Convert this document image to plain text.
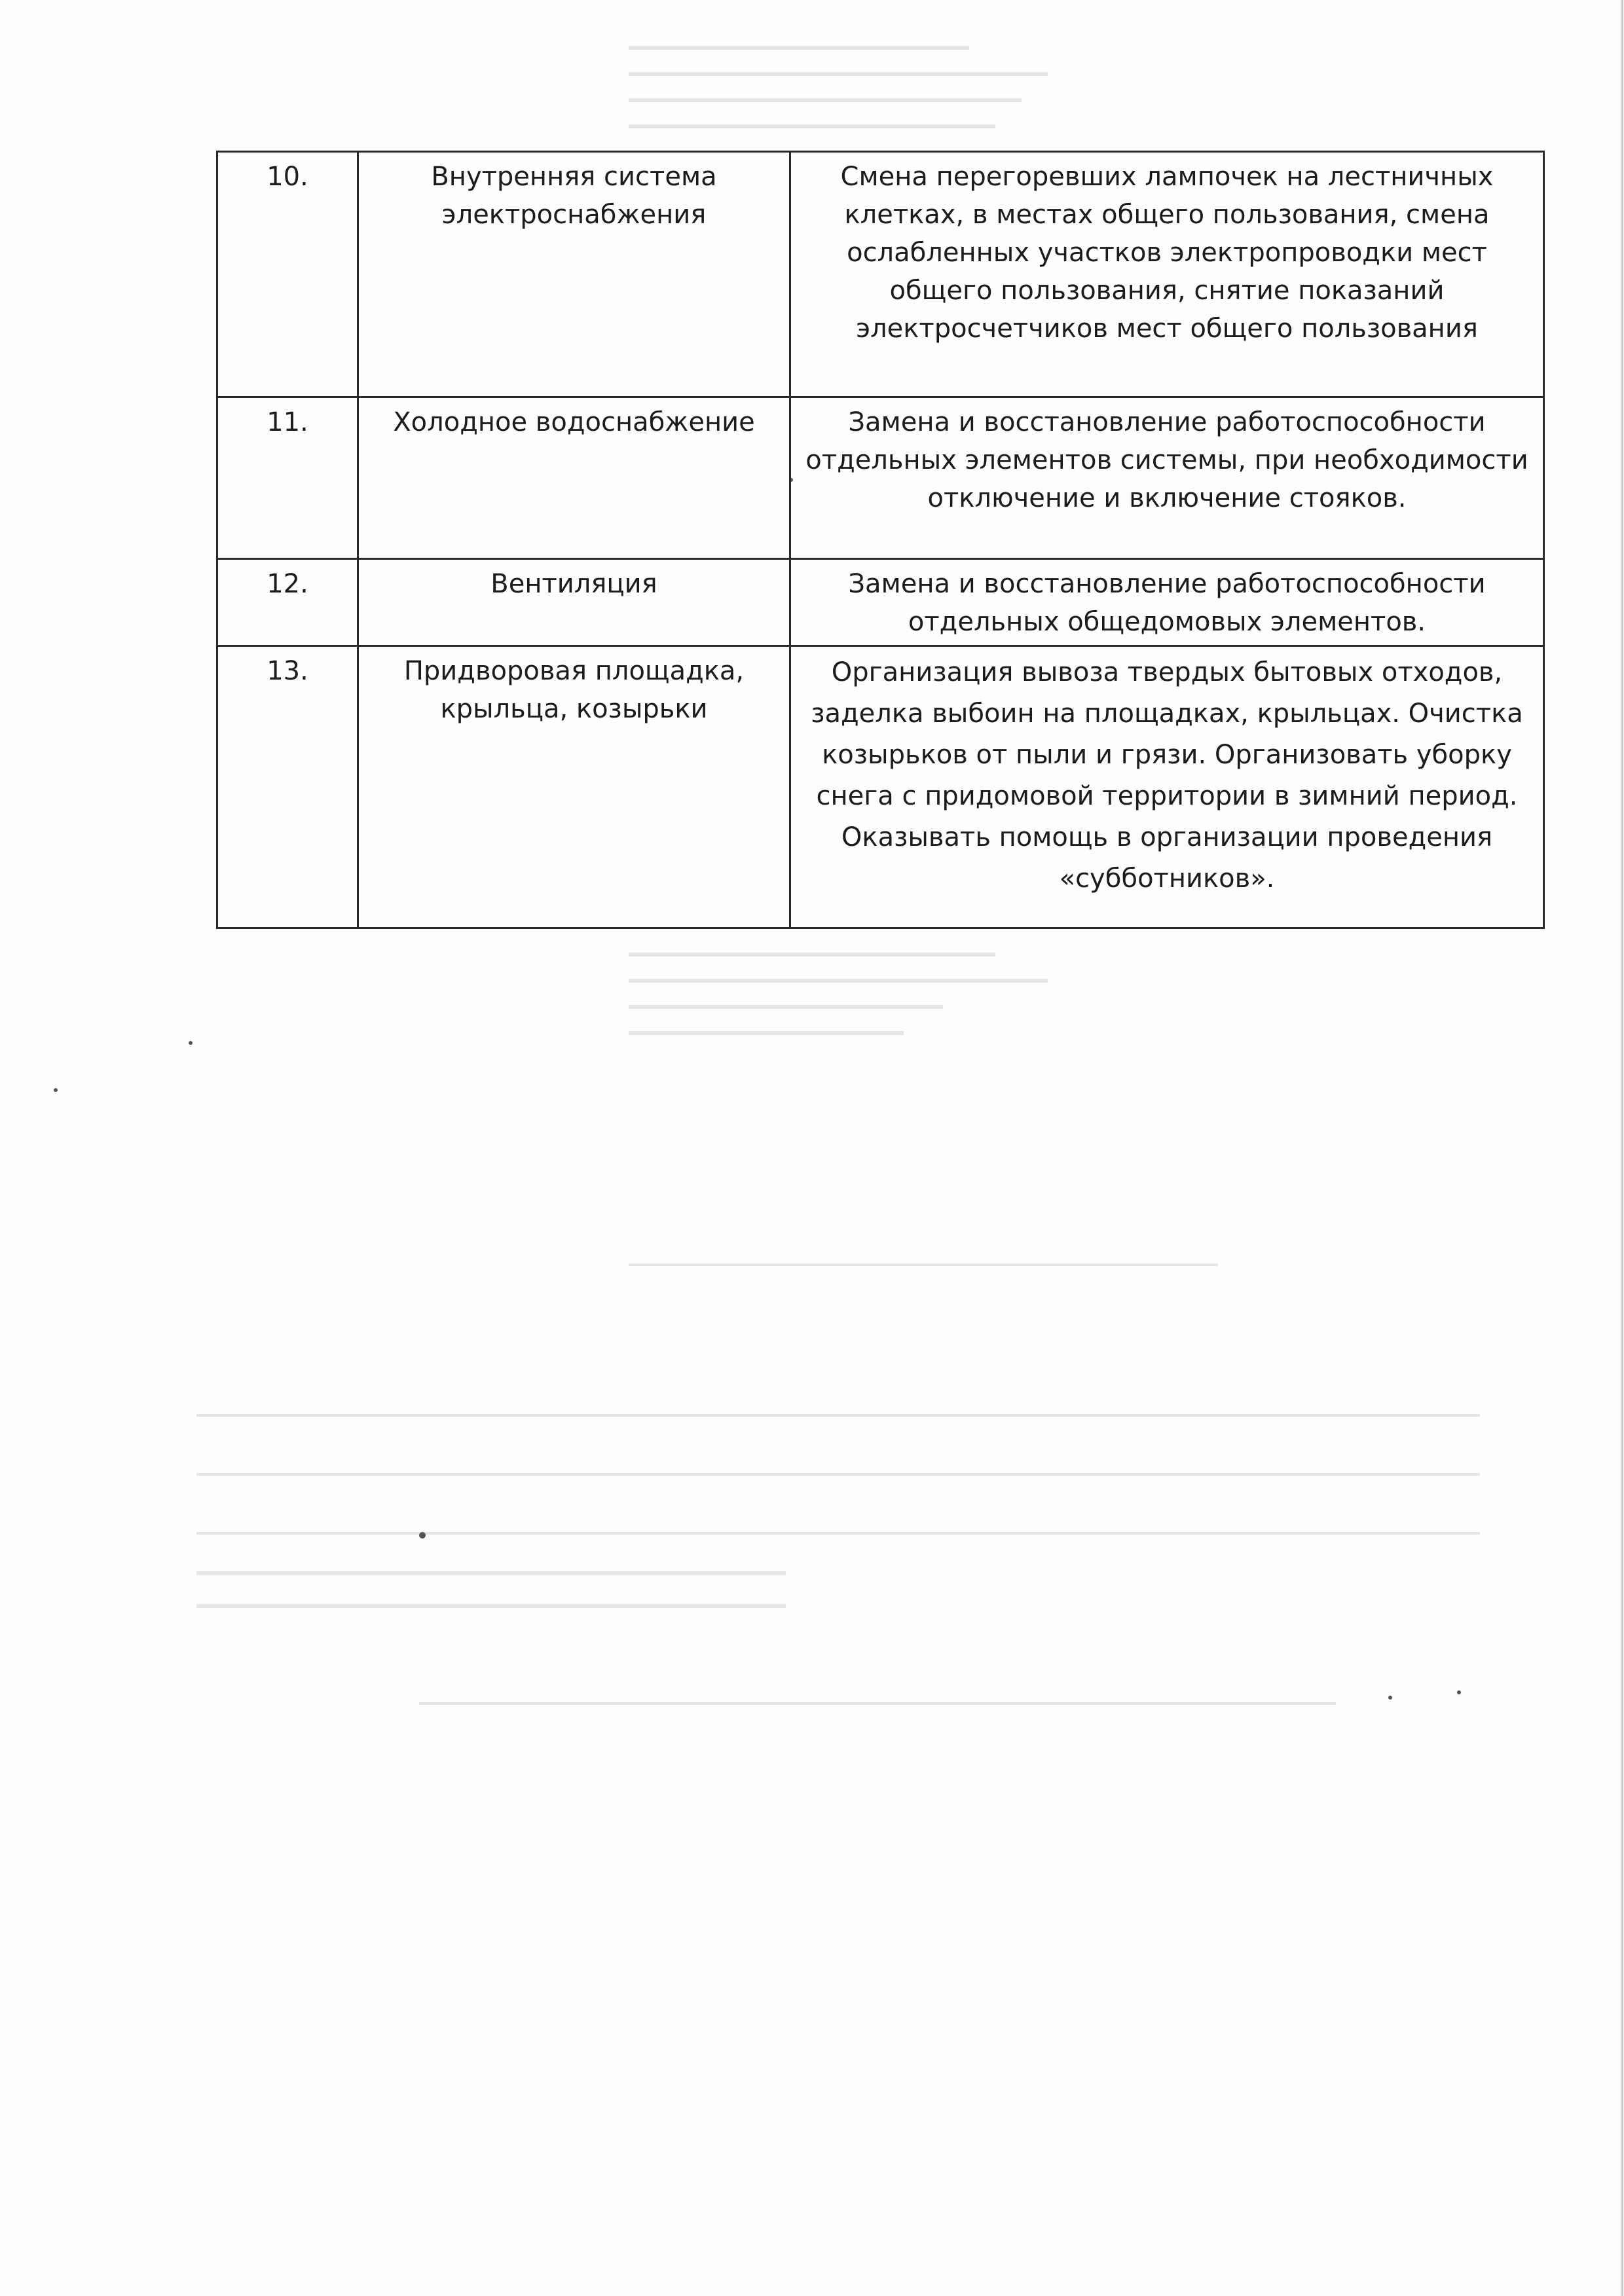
10.	Внутренняя система электроснабжения	Смена перегоревших лампочек на лестничных клетках, в местах общего пользования, смена ослабленных участков электропроводки мест общего пользования, снятие показаний электросчетчиков мест общего пользования
11.	Холодное водоснабжение	Замена и восстановление работоспособности отдельных элементов системы, при необходимости отключение и включение стояков.
12.	Вентиляция	Замена и восстановление работоспособности отдельных общедомовых элементов.
13.	Придворовая площадка, крыльца, козырьки	Организация вывоза твердых бытовых отходов, заделка выбоин на площадках, крыльцах. Очистка козырьков от пыли и грязи. Организовать уборку снега с придомовой территории в зимний период. Оказывать помощь в организации проведения «субботников».
